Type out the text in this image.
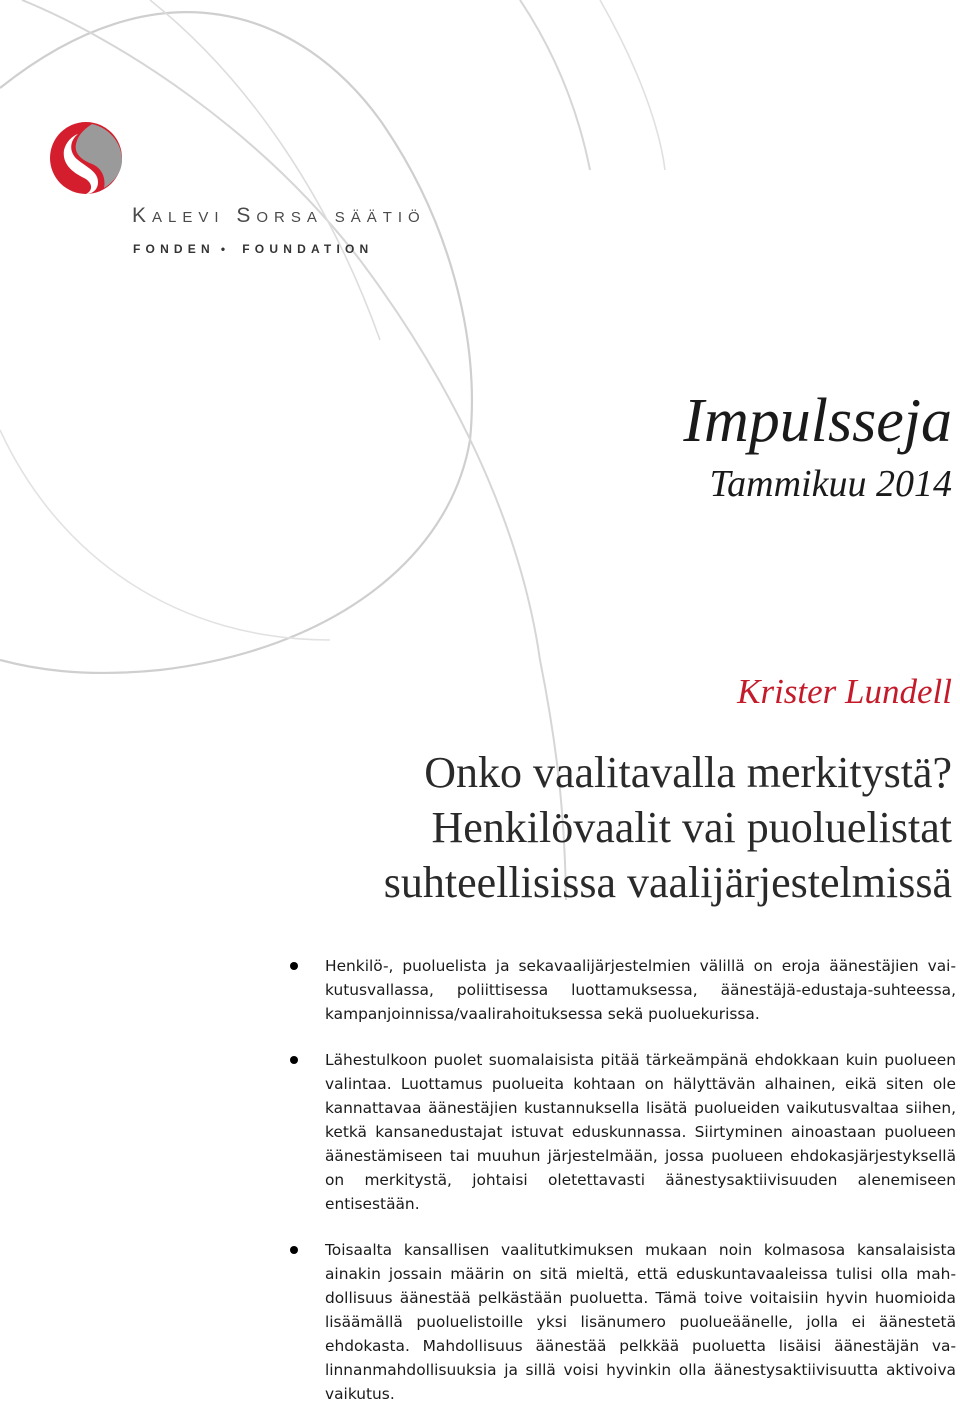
Kalevi Sorsa säätiö
FONDEN • FOUNDATION
Impulsseja
Tammikuu 2014
Krister Lundell
Onko vaalitavalla merkitystä?
Henkilövaalit vai puoluelistat
suhteellisissa vaalijärjestelmissä
Henkilö-, puoluelista ja sekavaalijärjestelmien välillä on eroja äänestäjien vaikutusvallassa, poliittisessa luottamuksessa, äänestäjä-edustaja-suhteessa, kampanjoinnissa/vaalirahoituksessa sekä puoluekurissa.
Lähestulkoon puolet suomalaisista pitää tärkeämpänä ehdokkaan kuin puolueen valintaa. Luottamus puolueita kohtaan on hälyttävän alhainen, eikä siten ole kannattavaa äänestäjien kustannuksella lisätä puolueiden vaikutusvaltaa siihen, ketkä kansanedustajat istuvat eduskunnassa. Siirtyminen ainoastaan puolueen äänestämiseen tai muuhun järjestelmään, jossa puolueen ehdokasjärjestyksellä on merkitystä, johtaisi oletettavasti äänestysaktiivisuuden alenemiseen entisestään.
Toisaalta kansallisen vaalitutkimuksen mukaan noin kolmasosa kansalaisista ainakin jossain määrin on sitä mieltä, että eduskuntavaaleissa tulisi olla mahdollisuus äänestää pelkästään puoluetta. Tämä toive voitaisiin hyvin huomioida lisäämällä puoluelistoille yksi lisänumero puolueäänelle, jolla ei äänestetä ehdokasta. Mahdollisuus äänestää pelkkää puoluetta lisäisi äänestäjän valinnanmahdollisuuksia ja sillä voisi hyvinkin olla äänestysaktiivisuutta aktivoiva vaikutus.
